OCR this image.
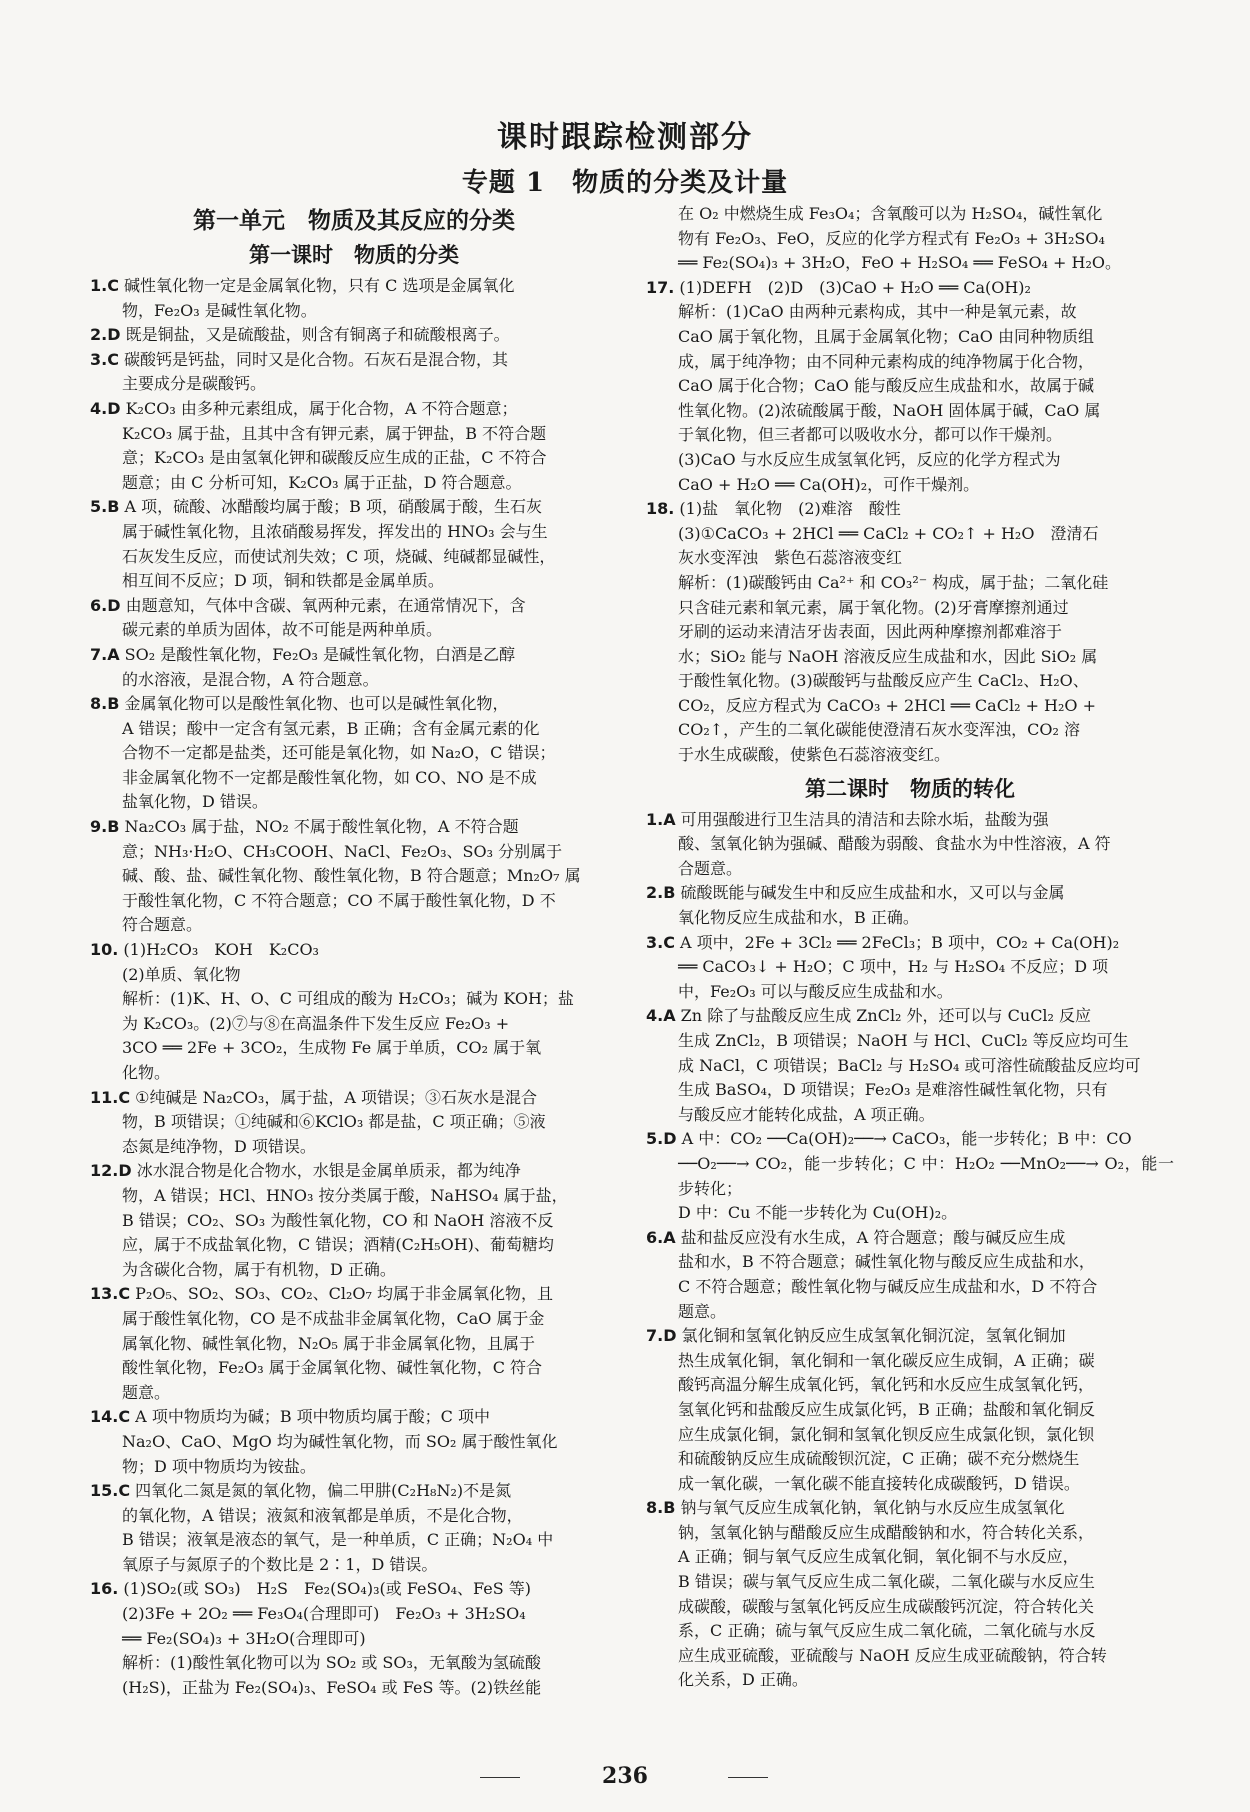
课时跟踪检测部分
专题 1　物质的分类及计量
第一单元　物质及其反应的分类
第一课时　物质的分类
1.C 碱性氧化物一定是金属氧化物，只有 C 选项是金属氧化
物，Fe₂O₃ 是碱性氧化物。
2.D 既是铜盐，又是硫酸盐，则含有铜离子和硫酸根离子。
3.C 碳酸钙是钙盐，同时又是化合物。石灰石是混合物，其
主要成分是碳酸钙。
4.D K₂CO₃ 由多种元素组成，属于化合物，A 不符合题意；
K₂CO₃ 属于盐，且其中含有钾元素，属于钾盐，B 不符合题
意；K₂CO₃ 是由氢氧化钾和碳酸反应生成的正盐，C 不符合
题意；由 C 分析可知，K₂CO₃ 属于正盐，D 符合题意。
5.B A 项，硫酸、冰醋酸均属于酸；B 项，硝酸属于酸，生石灰
属于碱性氧化物，且浓硝酸易挥发，挥发出的 HNO₃ 会与生
石灰发生反应，而使试剂失效；C 项，烧碱、纯碱都显碱性，
相互间不反应；D 项，铜和铁都是金属单质。
6.D 由题意知，气体中含碳、氧两种元素，在通常情况下，含
碳元素的单质为固体，故不可能是两种单质。
7.A SO₂ 是酸性氧化物，Fe₂O₃ 是碱性氧化物，白酒是乙醇
的水溶液，是混合物，A 符合题意。
8.B 金属氧化物可以是酸性氧化物、也可以是碱性氧化物，
A 错误；酸中一定含有氢元素，B 正确；含有金属元素的化
合物不一定都是盐类，还可能是氧化物，如 Na₂O，C 错误；
非金属氧化物不一定都是酸性氧化物，如 CO、NO 是不成
盐氧化物，D 错误。
9.B Na₂CO₃ 属于盐，NO₂ 不属于酸性氧化物，A 不符合题
意；NH₃·H₂O、CH₃COOH、NaCl、Fe₂O₃、SO₃ 分别属于
碱、酸、盐、碱性氧化物、酸性氧化物，B 符合题意；Mn₂O₇ 属
于酸性氧化物，C 不符合题意；CO 不属于酸性氧化物，D 不
符合题意。
10. (1)H₂CO₃　KOH　K₂CO₃
(2)单质、氧化物
解析：(1)K、H、O、C 可组成的酸为 H₂CO₃；碱为 KOH；盐
为 K₂CO₃。(2)⑦与⑧在高温条件下发生反应 Fe₂O₃ +
3CO ══ 2Fe + 3CO₂，生成物 Fe 属于单质，CO₂ 属于氧
化物。
11.C ①纯碱是 Na₂CO₃，属于盐，A 项错误；③石灰水是混合
物，B 项错误；①纯碱和⑥KClO₃ 都是盐，C 项正确；⑤液
态氮是纯净物，D 项错误。
12.D 冰水混合物是化合物水，水银是金属单质汞，都为纯净
物，A 错误；HCl、HNO₃ 按分类属于酸，NaHSO₄ 属于盐，
B 错误；CO₂、SO₃ 为酸性氧化物，CO 和 NaOH 溶液不反
应，属于不成盐氧化物，C 错误；酒精(C₂H₅OH)、葡萄糖均
为含碳化合物，属于有机物，D 正确。
13.C P₂O₅、SO₂、SO₃、CO₂、Cl₂O₇ 均属于非金属氧化物，且
属于酸性氧化物，CO 是不成盐非金属氧化物，CaO 属于金
属氧化物、碱性氧化物，N₂O₅ 属于非金属氧化物，且属于
酸性氧化物，Fe₂O₃ 属于金属氧化物、碱性氧化物，C 符合
题意。
14.C A 项中物质均为碱；B 项中物质均属于酸；C 项中
Na₂O、CaO、MgO 均为碱性氧化物，而 SO₂ 属于酸性氧化
物；D 项中物质均为铵盐。
15.C 四氧化二氮是氮的氧化物，偏二甲肼(C₂H₈N₂)不是氮
的氧化物，A 错误；液氮和液氧都是单质，不是化合物，
B 错误；液氧是液态的氧气，是一种单质，C 正确；N₂O₄ 中
氧原子与氮原子的个数比是 2∶1，D 错误。
16. (1)SO₂(或 SO₃)　H₂S　Fe₂(SO₄)₃(或 FeSO₄、FeS 等)
(2)3Fe + 2O₂ ══ Fe₃O₄(合理即可)　Fe₂O₃ + 3H₂SO₄
══ Fe₂(SO₄)₃ + 3H₂O(合理即可)
解析：(1)酸性氧化物可以为 SO₂ 或 SO₃，无氧酸为氢硫酸
(H₂S)，正盐为 Fe₂(SO₄)₃、FeSO₄ 或 FeS 等。(2)铁丝能
在 O₂ 中燃烧生成 Fe₃O₄；含氧酸可以为 H₂SO₄，碱性氧化
物有 Fe₂O₃、FeO，反应的化学方程式有 Fe₂O₃ + 3H₂SO₄
══ Fe₂(SO₄)₃ + 3H₂O，FeO + H₂SO₄ ══ FeSO₄ + H₂O。
17. (1)DEFH　(2)D　(3)CaO + H₂O ══ Ca(OH)₂
解析：(1)CaO 由两种元素构成，其中一种是氧元素，故
CaO 属于氧化物，且属于金属氧化物；CaO 由同种物质组
成，属于纯净物；由不同种元素构成的纯净物属于化合物，
CaO 属于化合物；CaO 能与酸反应生成盐和水，故属于碱
性氧化物。(2)浓硫酸属于酸，NaOH 固体属于碱，CaO 属
于氧化物，但三者都可以吸收水分，都可以作干燥剂。
(3)CaO 与水反应生成氢氧化钙，反应的化学方程式为
CaO + H₂O ══ Ca(OH)₂，可作干燥剂。
18. (1)盐　氧化物　(2)难溶　酸性
(3)①CaCO₃ + 2HCl ══ CaCl₂ + CO₂↑ + H₂O　澄清石
灰水变浑浊　紫色石蕊溶液变红
解析：(1)碳酸钙由 Ca²⁺ 和 CO₃²⁻ 构成，属于盐；二氧化硅
只含硅元素和氧元素，属于氧化物。(2)牙膏摩擦剂通过
牙刷的运动来清洁牙齿表面，因此两种摩擦剂都难溶于
水；SiO₂ 能与 NaOH 溶液反应生成盐和水，因此 SiO₂ 属
于酸性氧化物。(3)碳酸钙与盐酸反应产生 CaCl₂、H₂O、
CO₂，反应方程式为 CaCO₃ + 2HCl ══ CaCl₂ + H₂O +
CO₂↑，产生的二氧化碳能使澄清石灰水变浑浊，CO₂ 溶
于水生成碳酸，使紫色石蕊溶液变红。
第二课时　物质的转化
1.A 可用强酸进行卫生洁具的清洁和去除水垢，盐酸为强
酸、氢氧化钠为强碱、醋酸为弱酸、食盐水为中性溶液，A 符
合题意。
2.B 硫酸既能与碱发生中和反应生成盐和水，又可以与金属
氧化物反应生成盐和水，B 正确。
3.C A 项中，2Fe + 3Cl₂ ══ 2FeCl₃；B 项中，CO₂ + Ca(OH)₂
══ CaCO₃↓ + H₂O；C 项中，H₂ 与 H₂SO₄ 不反应；D 项
中，Fe₂O₃ 可以与酸反应生成盐和水。
4.A Zn 除了与盐酸反应生成 ZnCl₂ 外，还可以与 CuCl₂ 反应
生成 ZnCl₂，B 项错误；NaOH 与 HCl、CuCl₂ 等反应均可生
成 NaCl，C 项错误；BaCl₂ 与 H₂SO₄ 或可溶性硫酸盐反应均可
生成 BaSO₄，D 项错误；Fe₂O₃ 是难溶性碱性氧化物，只有
与酸反应才能转化成盐，A 项正确。
5.D A 中：CO₂ ──Ca(OH)₂──→ CaCO₃，能一步转化；B 中：CO
──O₂──→ CO₂，能一步转化；C 中：H₂O₂ ──MnO₂──→ O₂，能一步转化；
D 中：Cu 不能一步转化为 Cu(OH)₂。
6.A 盐和盐反应没有水生成，A 符合题意；酸与碱反应生成
盐和水，B 不符合题意；碱性氧化物与酸反应生成盐和水，
C 不符合题意；酸性氧化物与碱反应生成盐和水，D 不符合
题意。
7.D 氯化铜和氢氧化钠反应生成氢氧化铜沉淀，氢氧化铜加
热生成氧化铜，氧化铜和一氧化碳反应生成铜，A 正确；碳
酸钙高温分解生成氧化钙，氧化钙和水反应生成氢氧化钙，
氢氧化钙和盐酸反应生成氯化钙，B 正确；盐酸和氧化铜反
应生成氯化铜，氯化铜和氢氧化钡反应生成氯化钡，氯化钡
和硫酸钠反应生成硫酸钡沉淀，C 正确；碳不充分燃烧生
成一氧化碳，一氧化碳不能直接转化成碳酸钙，D 错误。
8.B 钠与氧气反应生成氧化钠，氧化钠与水反应生成氢氧化
钠，氢氧化钠与醋酸反应生成醋酸钠和水，符合转化关系，
A 正确；铜与氧气反应生成氧化铜，氧化铜不与水反应，
B 错误；碳与氧气反应生成二氧化碳，二氧化碳与水反应生
成碳酸，碳酸与氢氧化钙反应生成碳酸钙沉淀，符合转化关
系，C 正确；硫与氧气反应生成二氧化硫，二氧化硫与水反
应生成亚硫酸，亚硫酸与 NaOH 反应生成亚硫酸钠，符合转
化关系，D 正确。
236
